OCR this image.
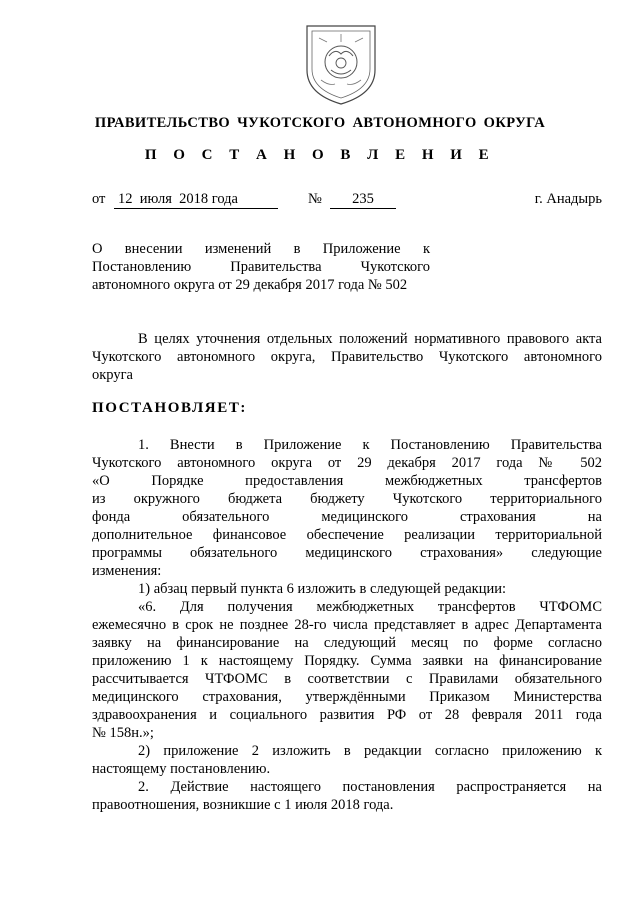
ПРАВИТЕЛЬСТВО ЧУКОТСКОГО АВТОНОМНОГО ОКРУГА
П О С Т А Н О В Л Е Н И Е
от 12  июля  2018 года	№	235	г. Анадырь
О внесении изменений в Приложение к
Постановлению Правительства Чукотского
автономного округа от 29 декабря 2017 года № 502
В целях уточнения отдельных положений нормативного правового акта
Чукотского автономного округа, Правительство Чукотского автономного
округа
ПОСТАНОВЛЯЕТ:
1. Внести в Приложение к Постановлению Правительства
Чукотского автономного округа от 29 декабря 2017 года № 502
«О Порядке предоставления межбюджетных трансфертов
из окружного бюджета бюджету Чукотского территориального
фонда обязательного медицинского страхования на
дополнительное финансовое обеспечение реализации территориальной
программы обязательного медицинского страхования» следующие
изменения:
1) абзац первый пункта 6 изложить в следующей редакции:
«6. Для получения межбюджетных трансфертов ЧТФОМС
ежемесячно в срок не позднее 28-го числа представляет в адрес Департамента
заявку на финансирование на следующий месяц по форме согласно
приложению 1 к настоящему Порядку. Сумма заявки на финансирование
рассчитывается ЧТФОМС в соответствии с Правилами обязательного
медицинского страхования, утверждёнными Приказом Министерства
здравоохранения и социального развития РФ от 28 февраля 2011 года
№ 158н.»;
2) приложение 2 изложить в редакции согласно приложению к
настоящему постановлению.
2. Действие настоящего постановления распространяется на
правоотношения, возникшие с 1 июля 2018 года.
